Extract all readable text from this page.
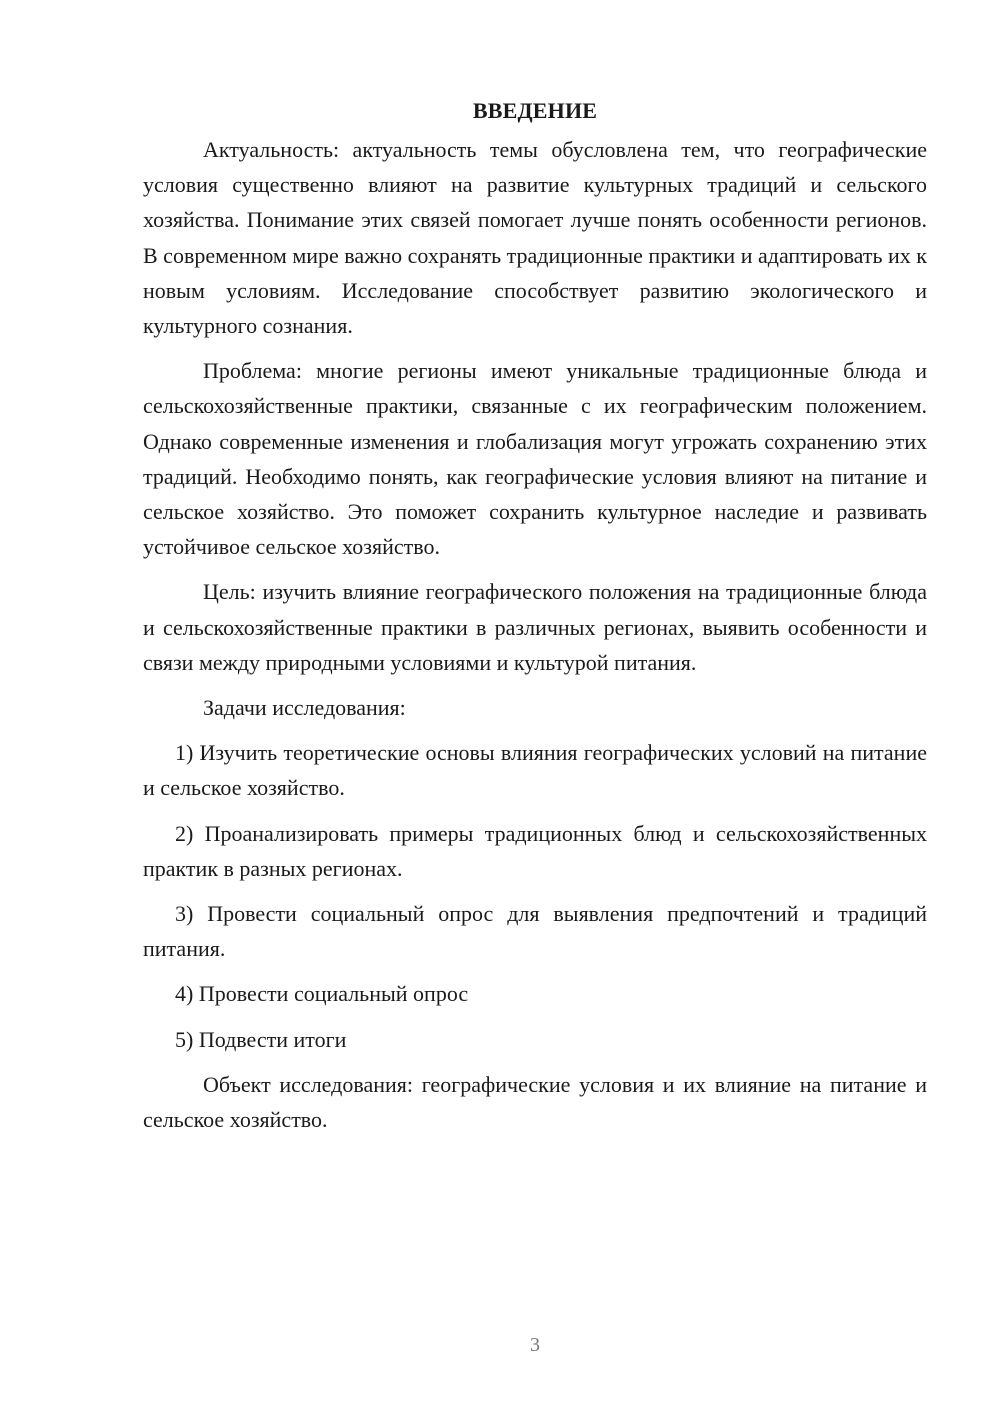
ВВЕДЕНИЕ

Актуальность: актуальность темы обусловлена тем, что географические условия существенно влияют на развитие культурных традиций и сельского хозяйства. Понимание этих связей помогает лучше понять особенности регионов. В современном мире важно сохранять традиционные практики и адаптировать их к новым условиям. Исследование способствует развитию экологического и культурного сознания.

Проблема: многие регионы имеют уникальные традиционные блюда и сельскохозяйственные практики, связанные с их географическим положением. Однако современные изменения и глобализация могут угрожать сохранению этих традиций. Необходимо понять, как географические условия влияют на питание и сельское хозяйство. Это поможет сохранить культурное наследие и развивать устойчивое сельское хозяйство.

Цель: изучить влияние географического положения на традиционные блюда и сельскохозяйственные практики в различных регионах, выявить особенности и связи между природными условиями и культурой питания.

Задачи исследования:

1) Изучить теоретические основы влияния географических условий на питание и сельское хозяйство.

2) Проанализировать примеры традиционных блюд и сельскохозяйственных практик в разных регионах.

3) Провести социальный опрос для выявления предпочтений и традиций питания.

4) Провести социальный опрос

5) Подвести итоги

Объект исследования: географические условия и их влияние на питание и сельское хозяйство.

3
